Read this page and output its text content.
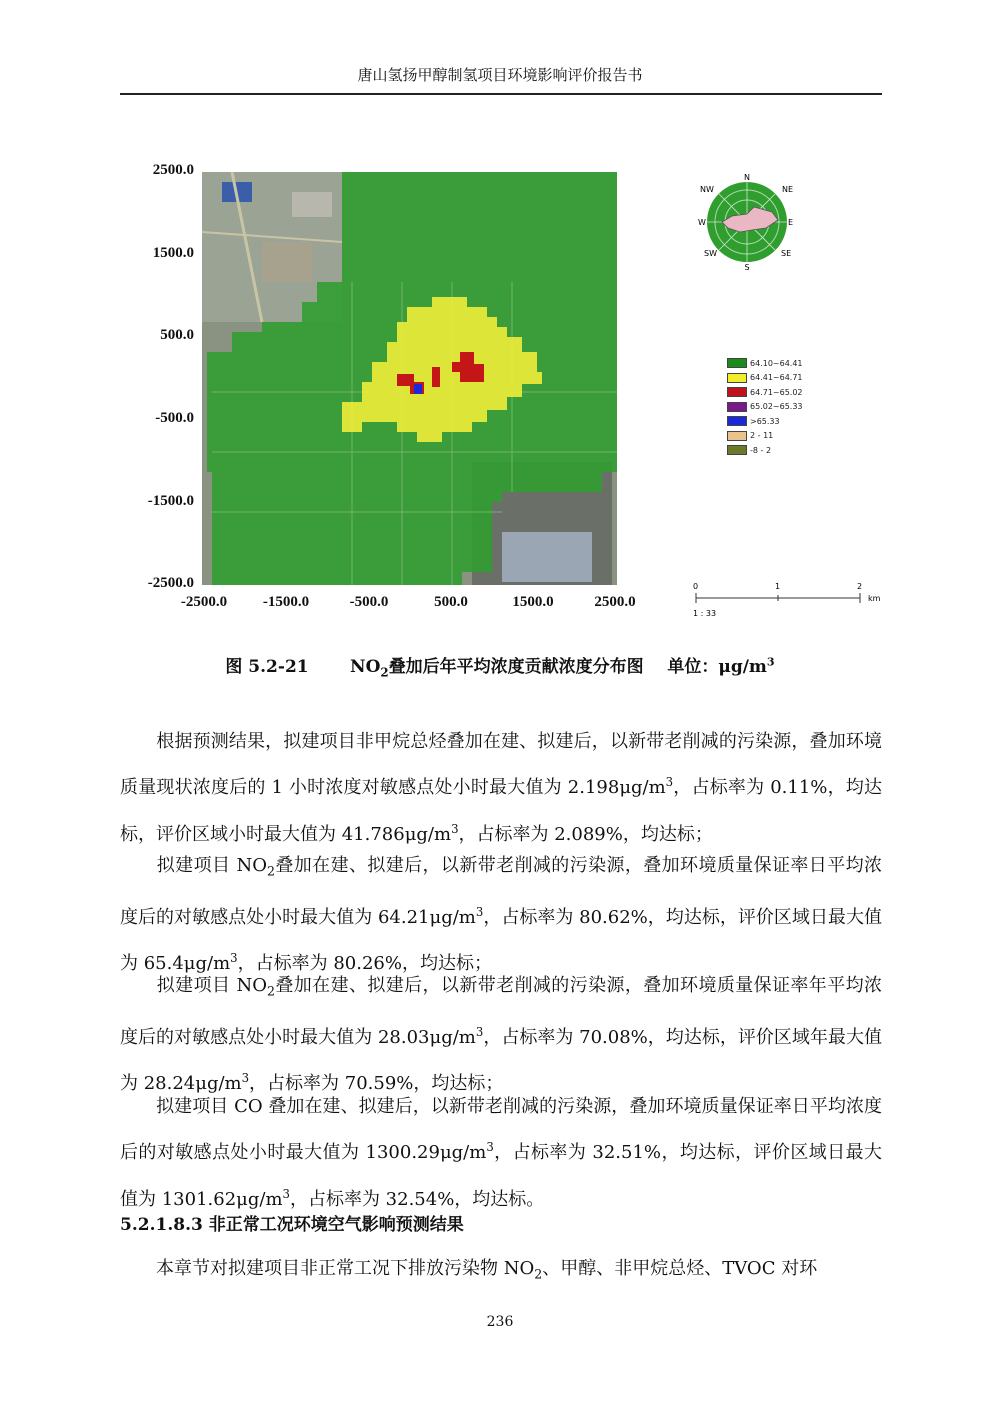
唐山氢扬甲醇制氢项目环境影响评价报告书
2500.0
1500.0
500.0
-500.0
-1500.0
-2500.0
-2500.0	-1500.0	-500.0	500.0	1500.0	2500.0
N
NE
E
SE
S
SW
W
NW
64.10~64.41
64.41~64.71
64.71~65.02
65.02~65.33
>65.33
2 - 11
-8 - 2
0	1	2
km
1 : 33
图 5.2-21 $NO_2$叠加后年平均浓度贡献浓度分布图 单位：$\mu g/m^3$
　　根据预测结果，拟建项目非甲烷总烃叠加在建、拟建后，以新带老削减的污染源，叠加环境质量现状浓度后的 1 小时浓度对敏感点处小时最大值为 $2.198\mu g/m^3$，占标率为 0.11%，均达标，评价区域小时最大值为 $41.786\mu g/m^3$，占标率为 2.089%，均达标；
　　拟建项目 $NO_2$叠加在建、拟建后，以新带老削减的污染源，叠加环境质量保证率日平均浓度后的对敏感点处小时最大值为 $64.21\mu g/m^3$，占标率为 80.62%，均达标，评价区域日最大值为 $65.4\mu g/m^3$，占标率为 80.26%，均达标；
　　拟建项目 $NO_2$叠加在建、拟建后，以新带老削减的污染源，叠加环境质量保证率年平均浓度后的对敏感点处小时最大值为 $28.03\mu g/m^3$，占标率为 70.08%，均达标，评价区域年最大值为 $28.24\mu g/m^3$，占标率为 70.59%，均达标；
　　拟建项目 CO 叠加在建、拟建后，以新带老削减的污染源，叠加环境质量保证率日平均浓度后的对敏感点处小时最大值为 $1300.29\mu g/m^3$，占标率为 32.51%，均达标，评价区域日最大值为 $1301.62\mu g/m^3$，占标率为 32.54%，均达标。
5.2.1.8.3 非正常工况环境空气影响预测结果
　　本章节对拟建项目非正常工况下排放污染物 $NO_2$、甲醇、非甲烷总烃、TVOC 对环
236
